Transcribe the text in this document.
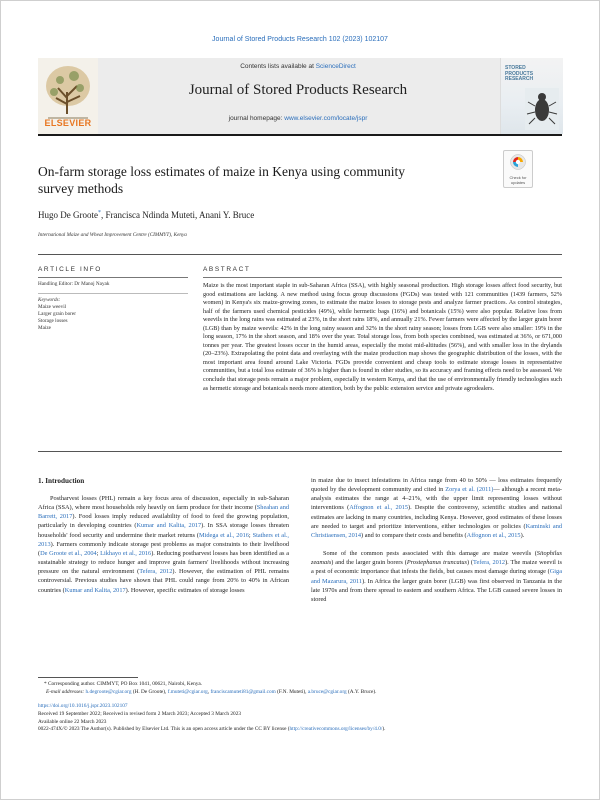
Journal of Stored Products Research 102 (2023) 102107
ELSEVIER
Contents lists available at ScienceDirect
Journal of Stored Products Research
journal homepage: www.elsevier.com/locate/jspr
STORED
PRODUCTS
RESEARCH
On-farm storage loss estimates of maize in Kenya using community
survey methods
Check for
updates
Hugo De Groote*, Francisca Ndinda Muteti, Anani Y. Bruce
International Maize and Wheat Improvement Centre (CIMMYT), Kenya
ARTICLE INFO
Handling Editor: Dr Manoj Nayak
Keywords:
Maize weevil
Larger grain borer
Storage losses
Maize
ABSTRACT
Maize is the most important staple in sub-Saharan Africa (SSA), with highly seasonal production. High storage losses affect food security, but good estimations are lacking. A new method using focus group discussions (FGDs) was tested with 121 communities (1439 farmers, 52% women) in Kenya's six maize-growing zones, to estimate the maize losses to storage pests and analyze farmer practices. As control strategies, half of the farmers used chemical pesticides (49%), while hermetic bags (16%) and botanicals (15%) were also popular. Relative loss from weevils in the long rains was estimated at 23%, in the short rains 18%, and annually 21%. Fewer farmers were affected by the larger grain borer (LGB) than by maize weevils: 42% in the long rainy season and 32% in the short rainy season; losses from LGB were also smaller: 19% in the long season, 17% in the short season, and 18% over the year. Total storage loss, from both species combined, was estimated at 36%, or 671,000 tonnes per year. The greatest losses occur in the humid areas, especially the moist mid-altitudes (56%), and with smaller loss in the drylands (20–23%). Extrapolating the point data and overlaying with the maize production map shows the geographic distribution of the losses, with the most important area found around Lake Victoria. FGDs provide convenient and cheap tools to estimate storage losses in representative communities, but a total loss estimate of 36% is higher than is found in other studies, so its accuracy and framing effects need to be assessed. We conclude that storage pests remain a major problem, especially in western Kenya, and that the use of environmentally friendly technologies such as hermetic storage and botanicals needs more attention, both by the public extension service and private agrodealers.
1. Introduction

Postharvest losses (PHL) remain a key focus area of discussion, especially in sub-Saharan Africa (SSA), where most households rely heavily on farm produce for their income (Sheahan and Barrett, 2017). Food losses imply reduced availability of food to feed the growing population, particularly in developing countries (Kumar and Kalita, 2017). In SSA storage losses threaten households' food security and undermine their market returns (Midega et al., 2016; Stathers et al., 2013). Farmers commonly indicate storage pest problems as major constraints to their livelihood (De Groote et al., 2004; Likhayo et al., 2016). Reducing postharvest losses has been identified as a sustainable strategy to reduce hunger and improve grain farmers' livelihoods without increasing pressure on the natural environment (Tefera, 2012). However, the estimation of PHL remains controversial. Previous studies have shown that PHL could range from 20% to 40% in African countries (Kumar and Kalita, 2017). However, specific estimates of storage losses

in maize due to insect infestations in Africa range from 40 to 50% — loss estimates frequently quoted by the development community and cited in Zorya et al. (2011)— although a recent meta-analysis estimates the range at 4–21%, with the upper limit representing losses without interventions (Affognon et al., 2015). Despite the controversy, scientific studies and national estimates are lacking in many countries, including Kenya. However, good estimates of these losses are needed to target and prioritize interventions, either technologies or policies (Kaminski and Christiaensen, 2014) and to compare their costs and benefits (Affognon et al., 2015).

Some of the common pests associated with this damage are maize weevils (Sitophilus zeamais) and the larger grain borers (Prostephanus truncatus) (Tefera, 2012). The maize weevil is a pest of economic importance that infests the fields, but causes most damage during storage (Giga and Mazarura, 2011). In Africa the larger grain borer (LGB) was first observed in Tanzania in the late 1970s and from there spread to eastern and southern Africa. The LGB caused severe losses in stored

* Corresponding author. CIMMYT, PO Box 1041, 00621, Nairobi, Kenya.
E-mail addresses: h.degroote@cgiar.org (H. De Groote), f.muteti@cgiar.org, franciscamuteti81@gmail.com (F.N. Muteti), a.bruce@cgiar.org (A.Y. Bruce).
https://doi.org/10.1016/j.jspr.2023.102107
Received 19 September 2022; Received in revised form 2 March 2023; Accepted 3 March 2023
Available online 22 March 2023
0022-474X/© 2023 The Author(s). Published by Elsevier Ltd. This is an open access article under the CC BY license (http://creativecommons.org/licenses/by/4.0/).
